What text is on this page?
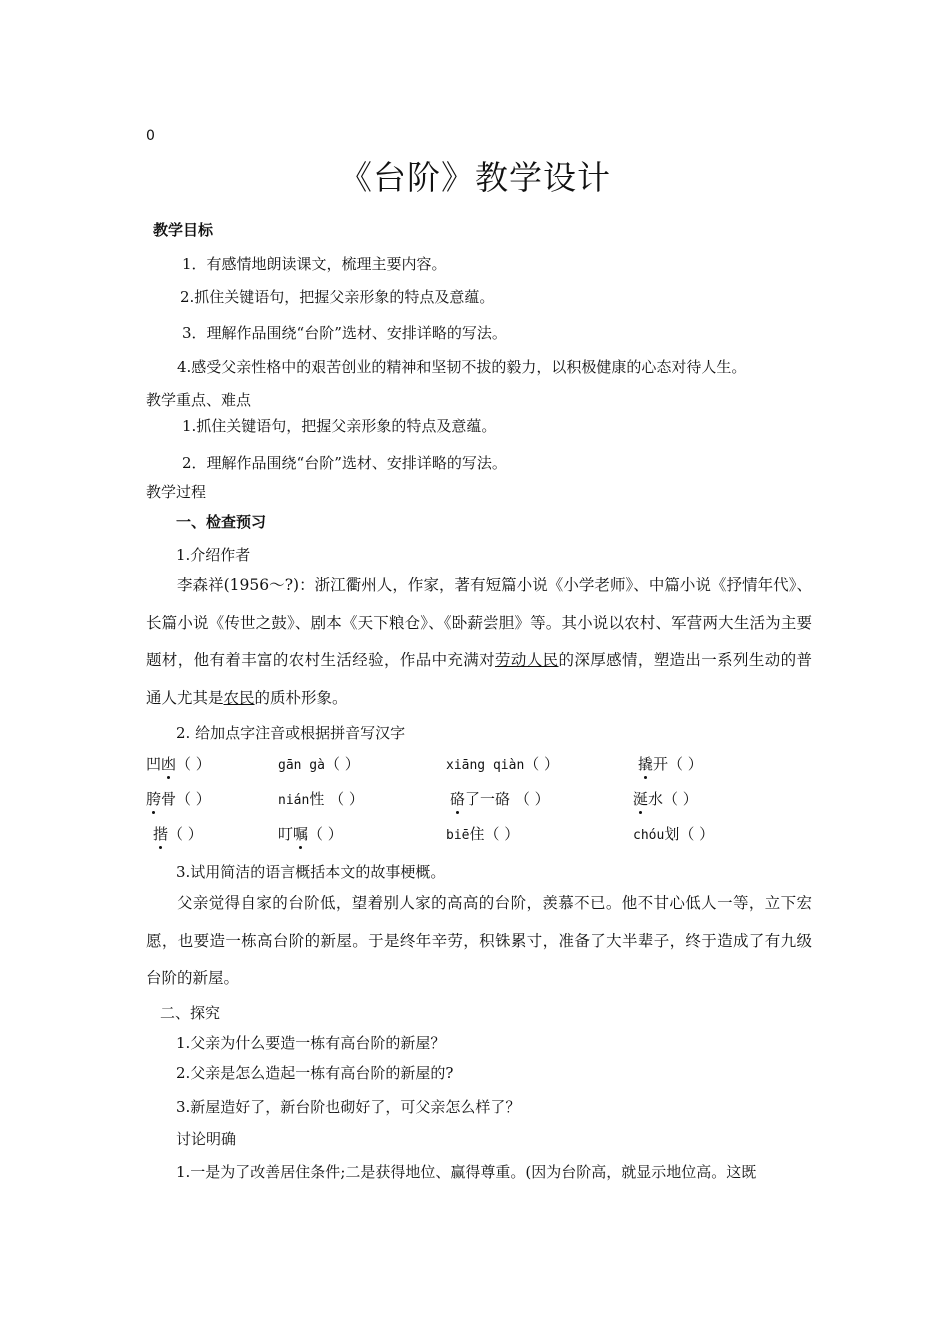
0
《台阶》教学设计
教学目标
1．有感情地朗读课文，梳理主要内容。
2.抓住关键语句，把握父亲形象的特点及意蕴。
3．理解作品围绕“台阶”选材、安排详略的写法。
4.感受父亲性格中的艰苦创业的精神和坚韧不拔的毅力，以积极健康的心态对待人生。
教学重点、难点
1.抓住关键语句，把握父亲形象的特点及意蕴。
2．理解作品围绕“台阶”选材、安排详略的写法。
教学过程
一、检查预习
1.介绍作者
李森祥(1956～?)：浙江衢州人，作家，著有短篇小说《小学老师》、中篇小说《抒情年代》、长篇小说《传世之鼓》、剧本《天下粮仓》、《卧薪尝胆》等。其小说以农村、军营两大生活为主要题材，他有着丰富的农村生活经验，作品中充满对劳动人民的深厚感情，塑造出一系列生动的普通人尤其是农民的质朴形象。
2. 给加点字注音或根据拼音写汉字
凹凼（ ）	gān gà（ ）	xiāng qiàn（ ）	撬开（ ）
胯骨（ ）	nián性 （ ）	硌了一硌 （ ）	涎水（ ）
揩（ ）	叮嘱（ ）	biē住（ ）	chóu划（ ）
3.试用简洁的语言概括本文的故事梗概。
父亲觉得自家的台阶低，望着别人家的高高的台阶，羡慕不已。他不甘心低人一等，立下宏愿，也要造一栋高台阶的新屋。于是终年辛劳，积铢累寸，准备了大半辈子，终于造成了有九级台阶的新屋。
二、探究
1.父亲为什么要造一栋有高台阶的新屋？
2.父亲是怎么造起一栋有高台阶的新屋的?
3.新屋造好了，新台阶也砌好了，可父亲怎么样了？
讨论明确
1.一是为了改善居住条件;二是获得地位、赢得尊重。(因为台阶高，就显示地位高。这既
